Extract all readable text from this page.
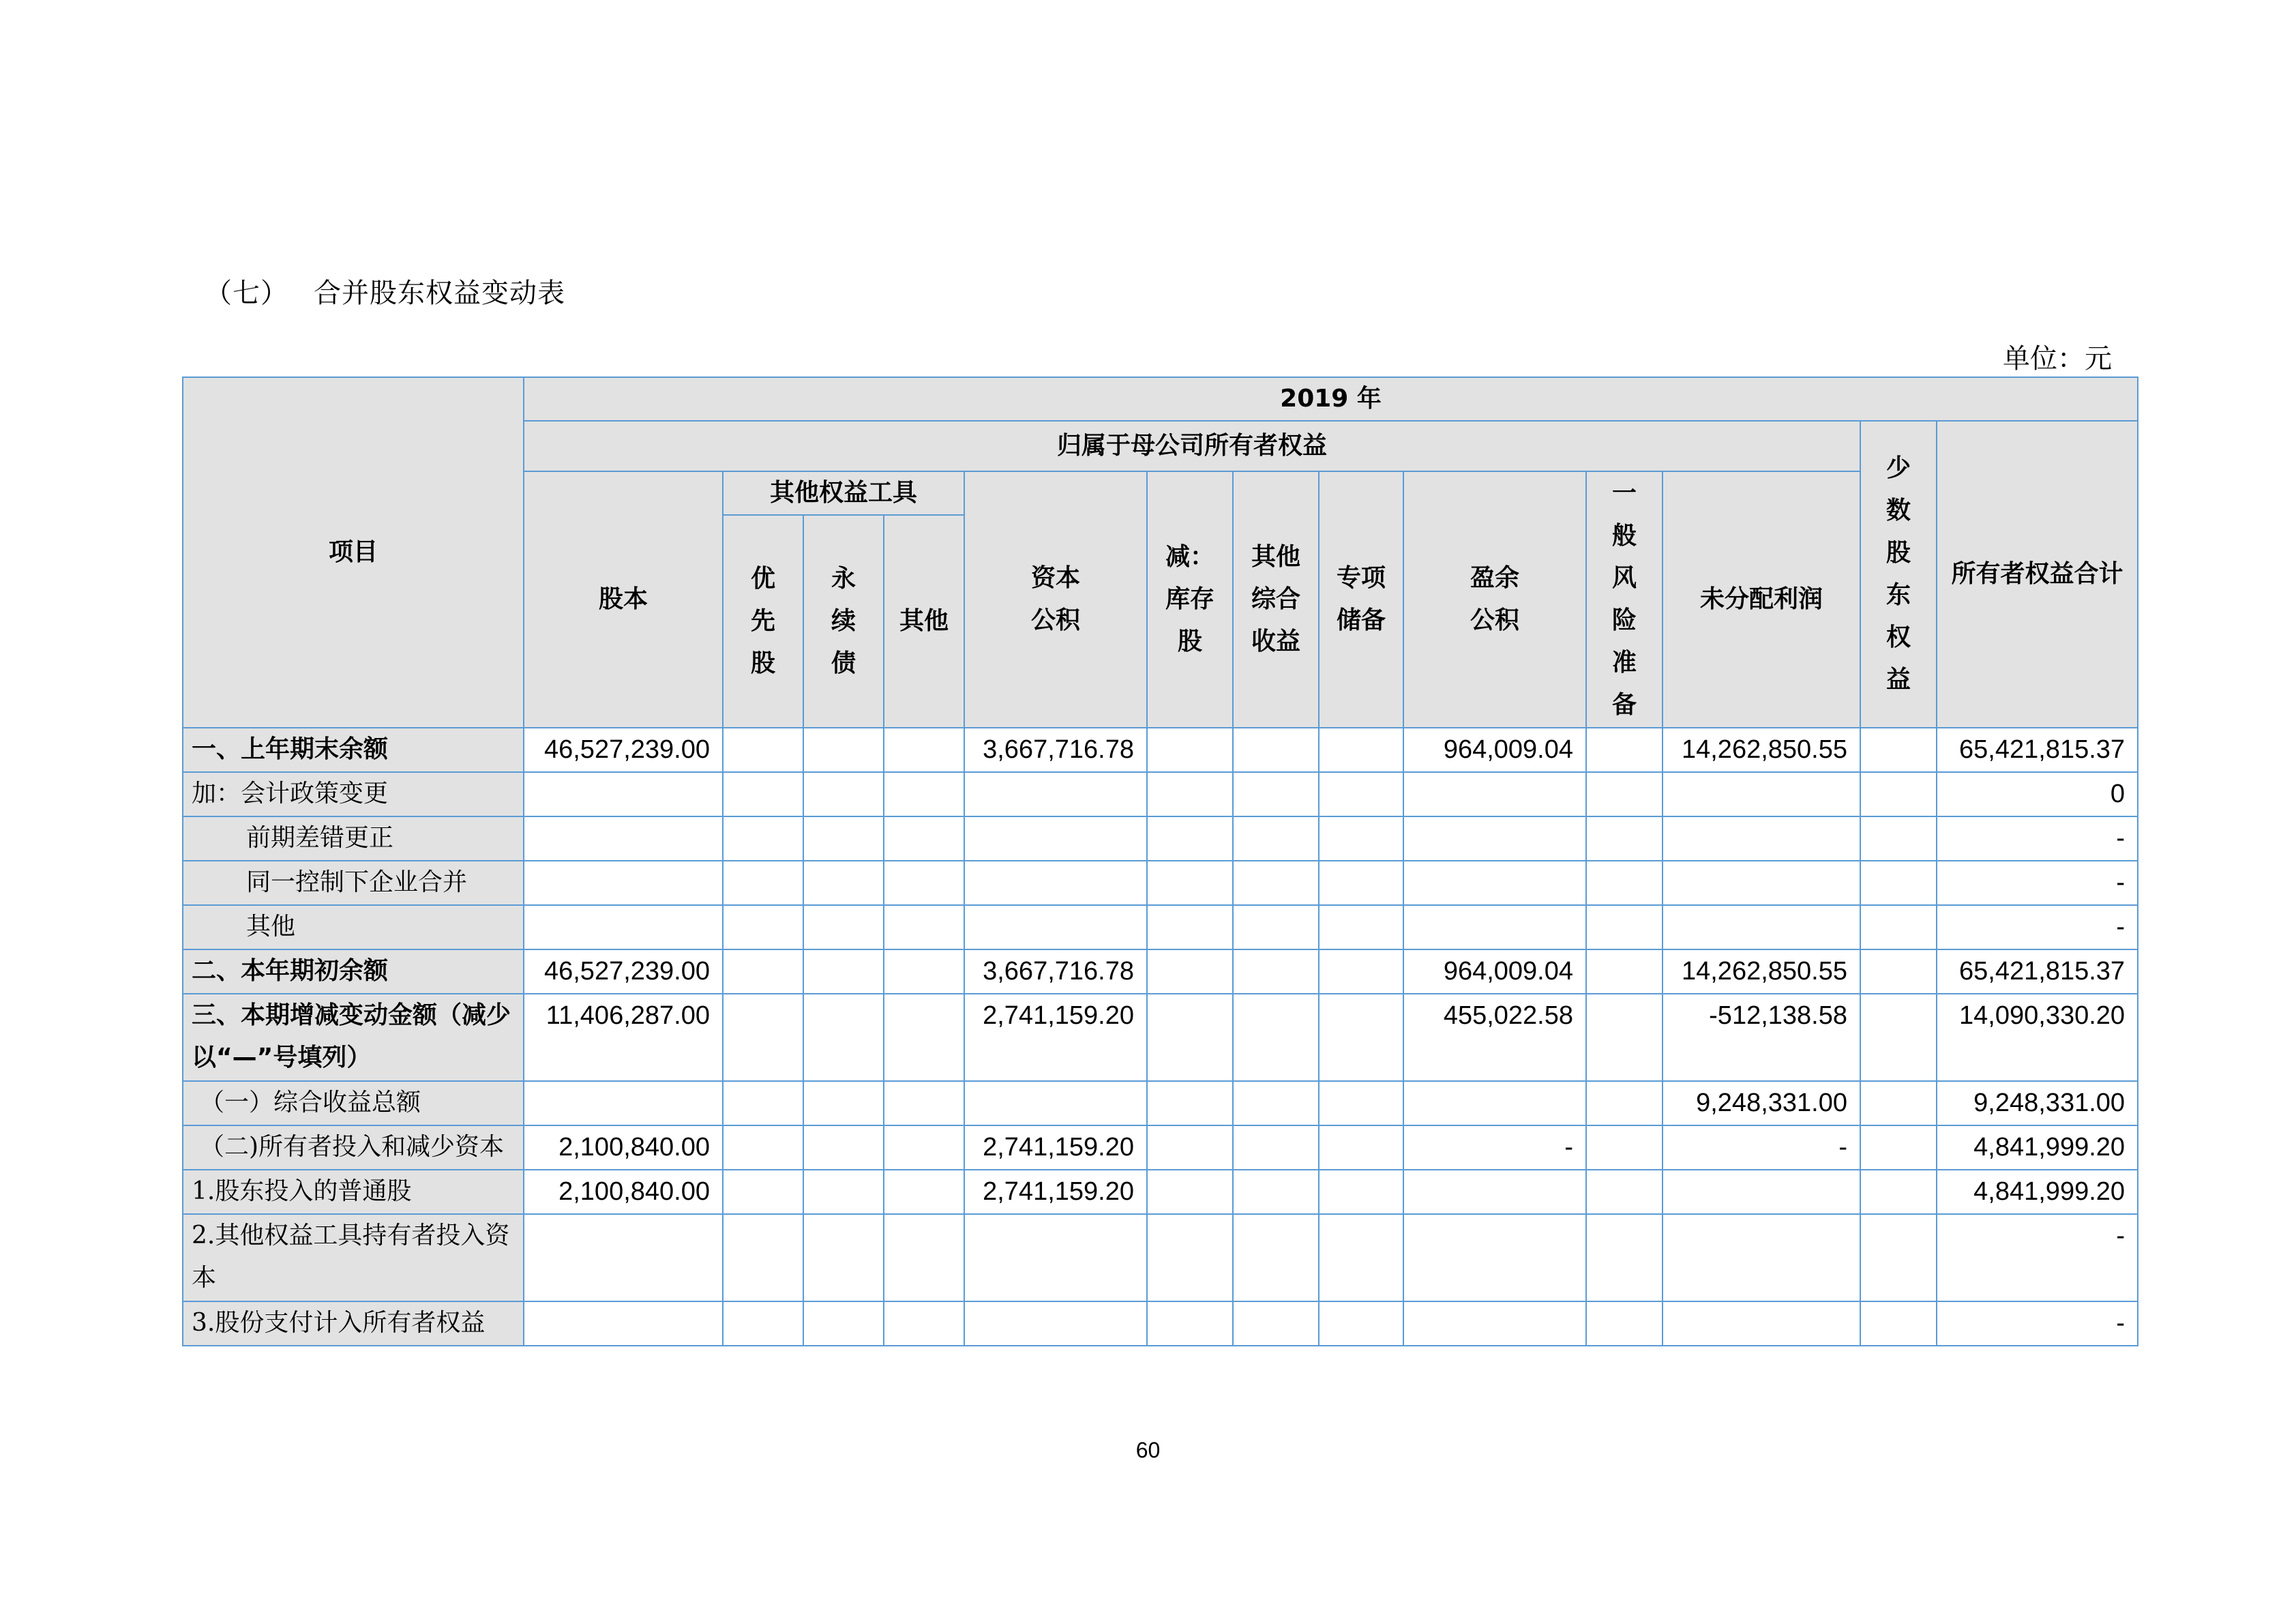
（七） 合并股东权益变动表
单位：元
项目	2019 年												
	归属于母公司所有者权益											少数股东权益	所有者权益合计
	股本	其他权益工具			资本公积	减：库存股	其他综合收益	专项储备	盈余公积	一般风险准备	未分配利润		
		优先股	永续债	其他									
一、上年期末余额	46,527,239.00				3,667,716.78				964,009.04		14,262,850.55		65,421,815.37
加：会计政策变更													0
前期差错更正													-
同一控制下企业合并													-
其他													-
二、本年期初余额	46,527,239.00				3,667,716.78				964,009.04		14,262,850.55		65,421,815.37
三、本期增减变动金额（减少以“—”号填列）	11,406,287.00				2,741,159.20				455,022.58		-512,138.58		14,090,330.20
（一）综合收益总额											9,248,331.00		9,248,331.00
（二)所有者投入和减少资本	2,100,840.00				2,741,159.20				-		-		4,841,999.20
1.股东投入的普通股	2,100,840.00				2,741,159.20								4,841,999.20
2.其他权益工具持有者投入资本													-
3.股份支付计入所有者权益													-
60
